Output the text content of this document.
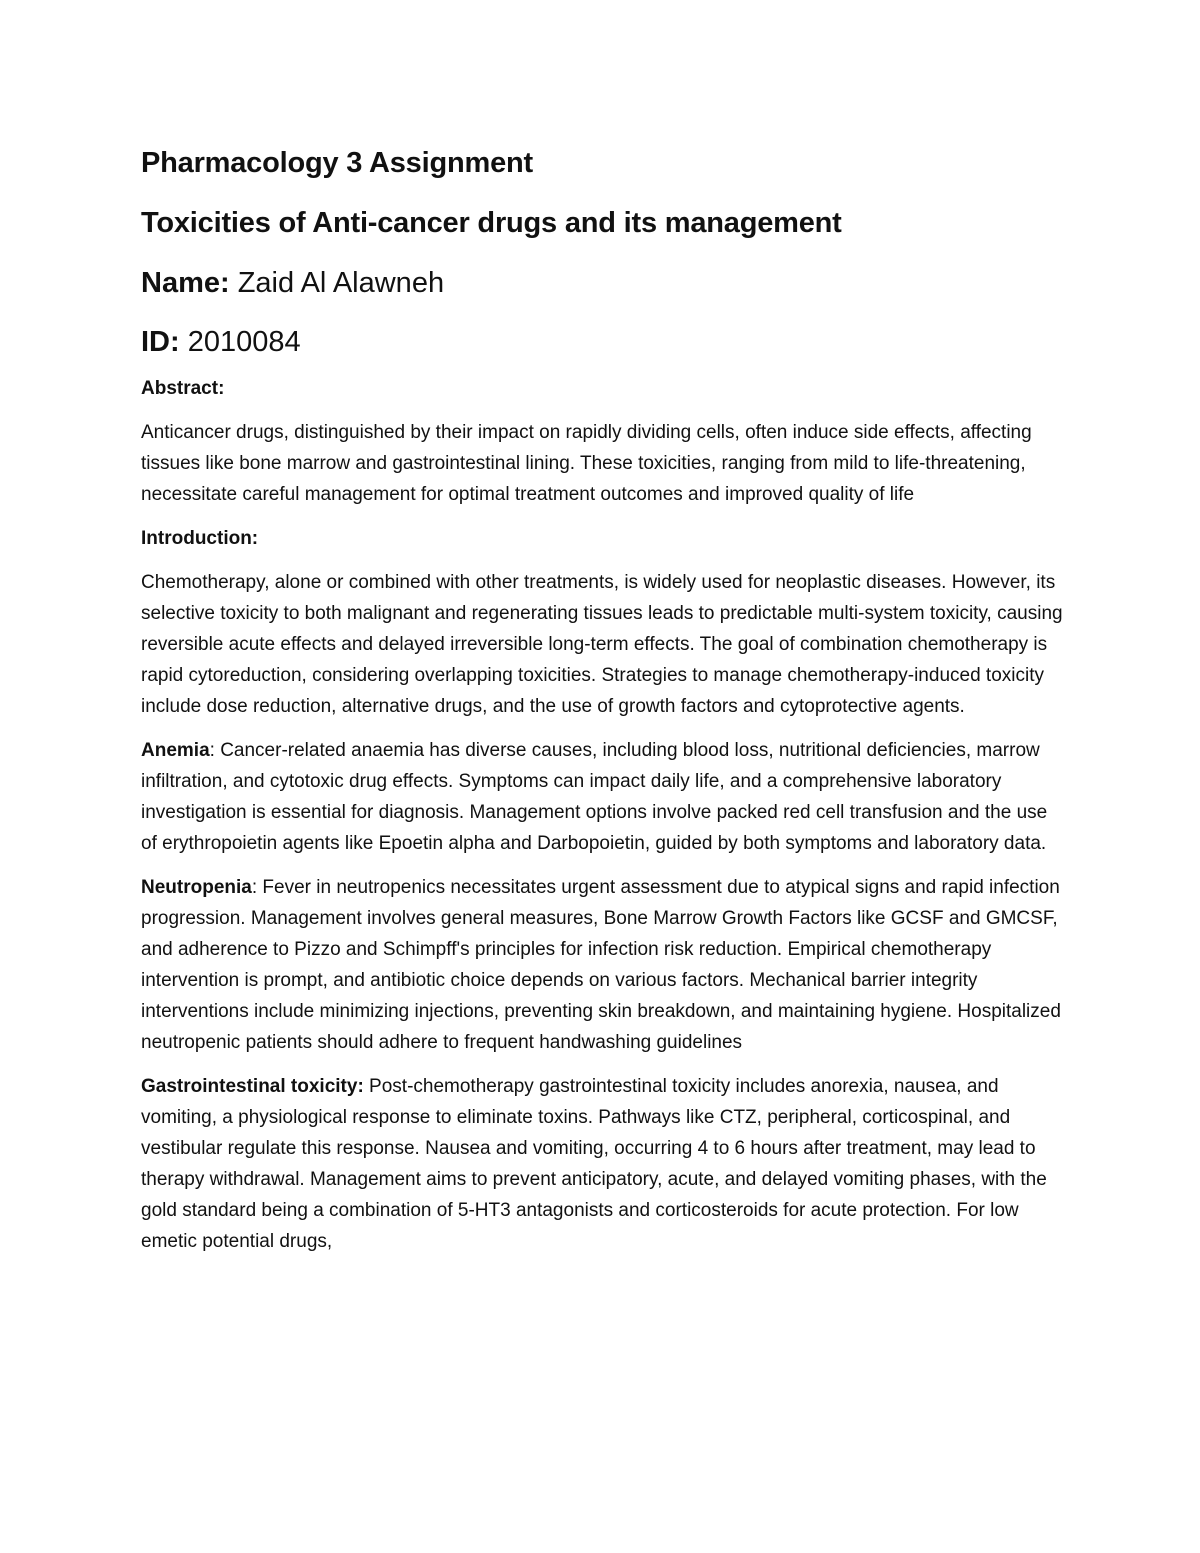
Pharmacology 3 Assignment
Toxicities of Anti-cancer drugs and its management

Name: Zaid Al Alawneh

ID: 2010084

Abstract:

Anticancer drugs, distinguished by their impact on rapidly dividing cells, often induce side effects, affecting tissues like bone marrow and gastrointestinal lining. These toxicities, ranging from mild to life-threatening, necessitate careful management for optimal treatment outcomes and improved quality of life

Introduction:

Chemotherapy, alone or combined with other treatments, is widely used for neoplastic diseases. However, its selective toxicity to both malignant and regenerating tissues leads to predictable multi-system toxicity, causing reversible acute effects and delayed irreversible long-term effects. The goal of combination chemotherapy is rapid cytoreduction, considering overlapping toxicities. Strategies to manage chemotherapy-induced toxicity include dose reduction, alternative drugs, and the use of growth factors and cytoprotective agents.

Anemia: Cancer-related anaemia has diverse causes, including blood loss, nutritional deficiencies, marrow infiltration, and cytotoxic drug effects. Symptoms can impact daily life, and a comprehensive laboratory investigation is essential for diagnosis. Management options involve packed red cell transfusion and the use of erythropoietin agents like Epoetin alpha and Darbopoietin, guided by both symptoms and laboratory data.

Neutropenia: Fever in neutropenics necessitates urgent assessment due to atypical signs and rapid infection progression. Management involves general measures, Bone Marrow Growth Factors like GCSF and GMCSF, and adherence to Pizzo and Schimpff's principles for infection risk reduction. Empirical chemotherapy intervention is prompt, and antibiotic choice depends on various factors. Mechanical barrier integrity interventions include minimizing injections, preventing skin breakdown, and maintaining hygiene. Hospitalized neutropenic patients should adhere to frequent handwashing guidelines

Gastrointestinal toxicity: Post-chemotherapy gastrointestinal toxicity includes anorexia, nausea, and vomiting, a physiological response to eliminate toxins. Pathways like CTZ, peripheral, corticospinal, and vestibular regulate this response. Nausea and vomiting, occurring 4 to 6 hours after treatment, may lead to therapy withdrawal. Management aims to prevent anticipatory, acute, and delayed vomiting phases, with the gold standard being a combination of 5-HT3 antagonists and corticosteroids for acute protection. For low emetic potential drugs,
